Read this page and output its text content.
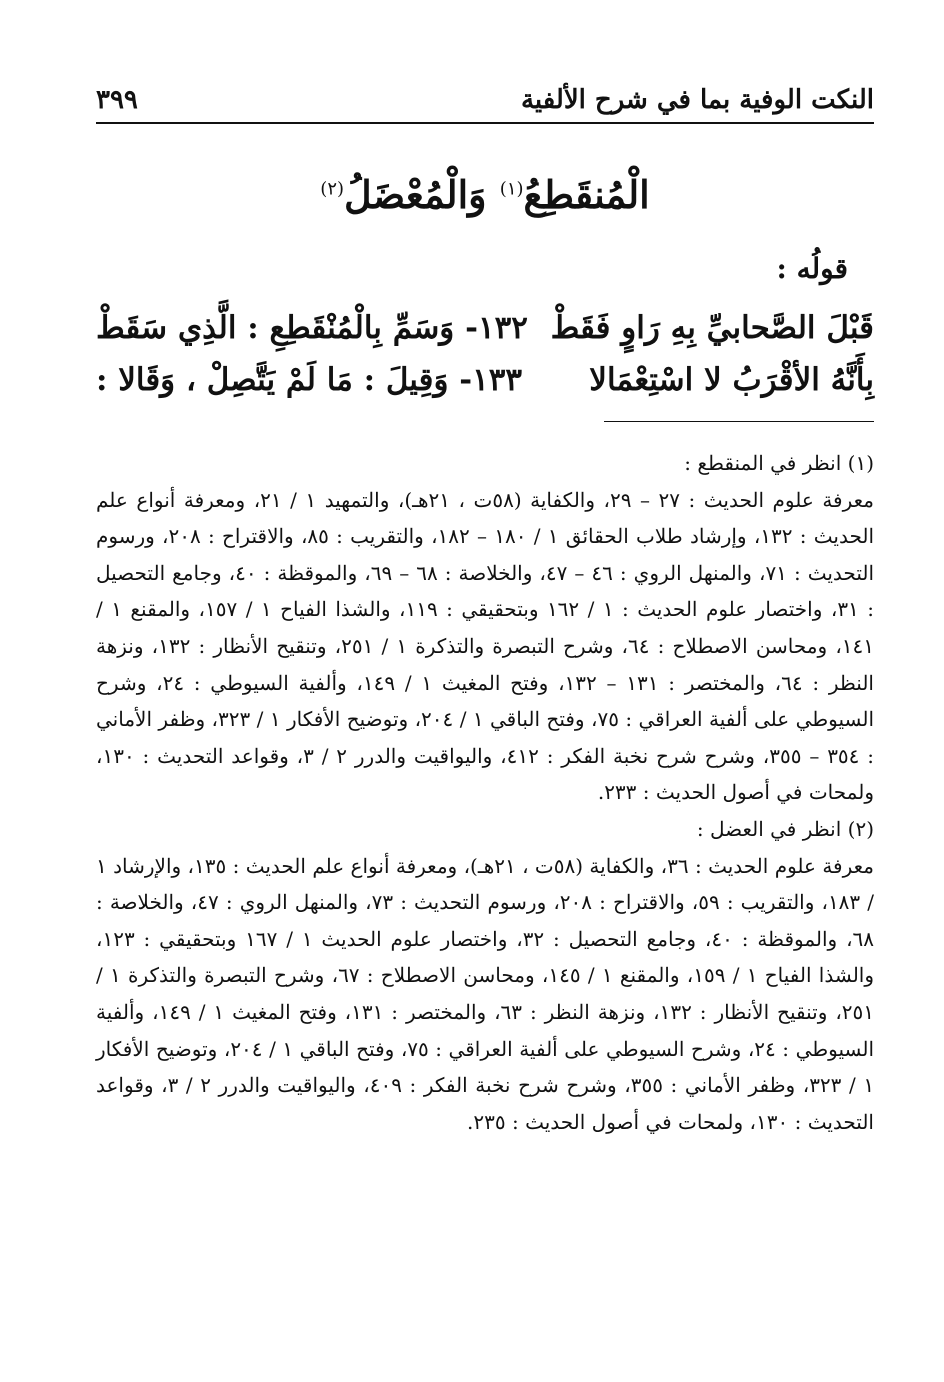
النكت الوفية بما في شرح الألفية
٣٩٩
الْمُنقَطِعُ$^{(١)}$ وَالْمُعْضَلُ$^{(٢)}$
قولُه :
١٣٢- وَسَمِّ بِالْمُنْقَطِعِ : الَّذِي سَقَطْ قَبْلَ الصَّحابيِّ بِهِ رَاوٍ فَقَطْ
١٣٣- وَقِيلَ : مَا لَمْ يَتَّصِلْ ، وَقَالا : بِأَنَّهُ الأقْرَبُ لا اسْتِعْمَالا

(١) انظر في المنقطع :

معرفة علوم الحديث : ٢٧ – ٢٩، والكفاية (٥٨ت ، ٢١هـ)، والتمهيد ١ / ٢١، ومعرفة أنواع علم الحديث : ١٣٢، وإرشاد طلاب الحقائق ١ / ١٨٠ – ١٨٢، والتقريب : ٨٥، والاقتراح : ٢٠٨، ورسوم التحديث : ٧١، والمنهل الروي : ٤٦ – ٤٧، والخلاصة : ٦٨ – ٦٩، والموقظة : ٤٠، وجامع التحصيل : ٣١، واختصار علوم الحديث : ١ / ١٦٢ وبتحقيقي : ١١٩، والشذا الفياح ١ / ١٥٧، والمقنع ١ / ١٤١، ومحاسن الاصطلاح : ٦٤، وشرح التبصرة والتذكرة ١ / ٢٥١، وتنقيح الأنظار : ١٣٢، ونزهة النظر : ٦٤، والمختصر : ١٣١ – ١٣٢، وفتح المغيث ١ / ١٤٩، وألفية السيوطي : ٢٤، وشرح السيوطي على ألفية العراقي : ٧٥، وفتح الباقي ١ / ٢٠٤، وتوضيح الأفكار ١ / ٣٢٣، وظفر الأماني : ٣٥٤ – ٣٥٥، وشرح شرح نخبة الفكر : ٤١٢، واليواقيت والدرر ٢ / ٣، وقواعد التحديث : ١٣٠، ولمحات في أصول الحديث : ٢٣٣.

(٢) انظر في العضل :

معرفة علوم الحديث : ٣٦، والكفاية (٥٨ت ، ٢١هـ)، ومعرفة أنواع علم الحديث : ١٣٥، والإرشاد ١ / ١٨٣، والتقريب : ٥٩، والاقتراح : ٢٠٨، ورسوم التحديث : ٧٣، والمنهل الروي : ٤٧، والخلاصة : ٦٨، والموقظة : ٤٠، وجامع التحصيل : ٣٢، واختصار علوم الحديث ١ / ١٦٧ وبتحقيقي : ١٢٣، والشذا الفياح ١ / ١٥٩، والمقنع ١ / ١٤٥، ومحاسن الاصطلاح : ٦٧، وشرح التبصرة والتذكرة ١ / ٢٥١، وتنقيح الأنظار : ١٣٢، ونزهة النظر : ٦٣، والمختصر : ١٣١، وفتح المغيث ١ / ١٤٩، وألفية السيوطي : ٢٤، وشرح السيوطي على ألفية العراقي : ٧٥، وفتح الباقي ١ / ٢٠٤، وتوضيح الأفكار ١ / ٣٢٣، وظفر الأماني : ٣٥٥، وشرح شرح نخبة الفكر : ٤٠٩، واليواقيت والدرر ٢ / ٣، وقواعد التحديث : ١٣٠، ولمحات في أصول الحديث : ٢٣٥.
